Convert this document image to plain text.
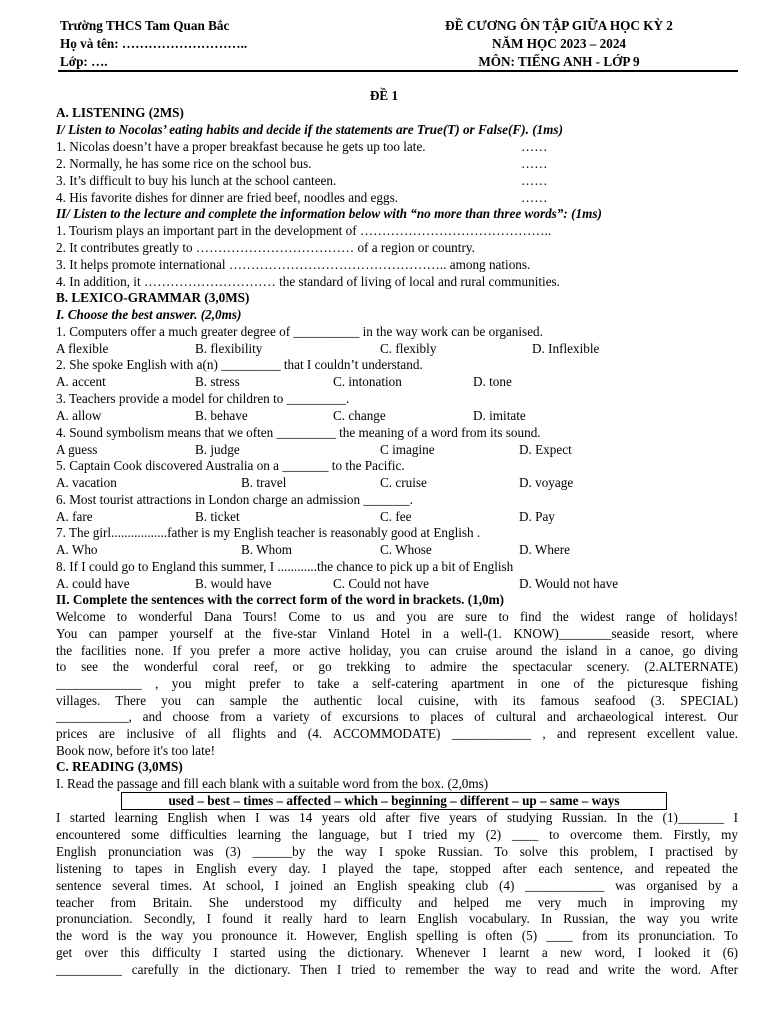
Trường THCS Tam Quan Bắc
Họ và tên: ………………………..
Lớp: ….
ĐỀ CƯƠNG ÔN TẬP GIỮA HỌC KỲ 2
NĂM HỌC 2023 – 2024
MÔN: TIẾNG ANH - LỚP 9
ĐỀ 1
A. LISTENING (2MS)
I/ Listen to Nocolas’ eating habits and decide if the statements are True(T) or False(F). (1ms)
1. Nicolas doesn’t have a proper breakfast because he gets up too late.	……
2. Normally, he has some rice on the school bus.	……
3. It’s difficult to buy his lunch at the school canteen.	……
4. His favorite dishes for dinner are fried beef, noodles and eggs.	……
II/ Listen to the lecture and complete the information below with “no more than three words”: (1ms)
1. Tourism plays an important part in the development of ……………………………………..
2. It contributes greatly to ……………………………… of a region or country.
3. It helps promote international ………………………………………….. among nations.
4. In addition, it ………………………… the standard of living of local and rural communities.
B. LEXICO-GRAMMAR (3,0MS)
I. Choose the best answer. (2,0ms)
1. Computers offer a much greater degree of __________ in the way work can be organised.
A flexible	B. flexibility	C. flexibly	D. Inflexible
2. She spoke English with a(n) _________ that I couldn’t understand.
A. accent	B. stress	C. intonation	D. tone
3. Teachers provide a model for children to _________.
A. allow	B. behave	C. change	D. imitate
4. Sound symbolism means that we often _________ the meaning of a word from its sound.
A guess	B. judge	C imagine	D. Expect
5. Captain Cook discovered Australia on a _______ to the Pacific.
A. vacation	B. travel	C. cruise	D. voyage
6. Most tourist attractions in London charge an admission _______.
A. fare	B. ticket	C. fee	D. Pay
7. The girl.................father is my English teacher is reasonably good at English .
A. Who	B. Whom	C. Whose	D. Where
8. If I could go to England this summer, I ............the chance to pick up a bit of English
A. could have	B. would have	C. Could not have	D. Would not have
II. Complete the sentences with the correct form of the word in brackets. (1,0m)
Welcome to wonderful Dana Tours! Come to us and you are sure to find the widest range of holidays!
You can pamper yourself at the five-star Vinland Hotel in a well-(1. KNOW)________seaside resort, where
the facilities none. If you prefer a more active holiday, you can cruise around the island in a canoe, go diving
to see the wonderful coral reef, or go trekking to admire the spectacular scenery. (2.ALTERNATE)
_____________ , you might prefer to take a self-catering apartment in one of the picturesque fishing
villages. There you can sample the authentic local cuisine, with its famous seafood (3. SPECIAL)
___________, and choose from a variety of excursions to places of cultural and archaeological interest. Our
prices are inclusive of all flights and (4. ACCOMMODATE) ____________ , and represent excellent value.
Book now, before it's too late!
C. READING (3,0MS)
I. Read the passage and fill each blank with a suitable word from the box. (2,0ms)
used – best – times – affected – which – beginning – different – up – same – ways
I started learning English when I was 14 years old after five years of studying Russian. In the (1)_______ I
encountered some difficulties learning the language, but I tried my (2) ____ to overcome them. Firstly, my
English pronunciation was (3) ______by the way I spoke Russian. To solve this problem, I practised by
listening to tapes in English every day. I played the tape, stopped after each sentence, and repeated the
sentence several times. At school, I joined an English speaking club (4) ____________ was organised by a
teacher from Britain. She understood my difficulty and helped me very much in improving my
pronunciation. Secondly, I found it really hard to learn English vocabulary. In Russian, the way you write
the word is the way you pronounce it. However, English spelling is often (5) ____ from its pronunciation. To
get over this difficulty I started using the dictionary. Whenever I learnt a new word, I looked it (6)
__________ carefully in the dictionary. Then I tried to remember the way to read and write the word. After
